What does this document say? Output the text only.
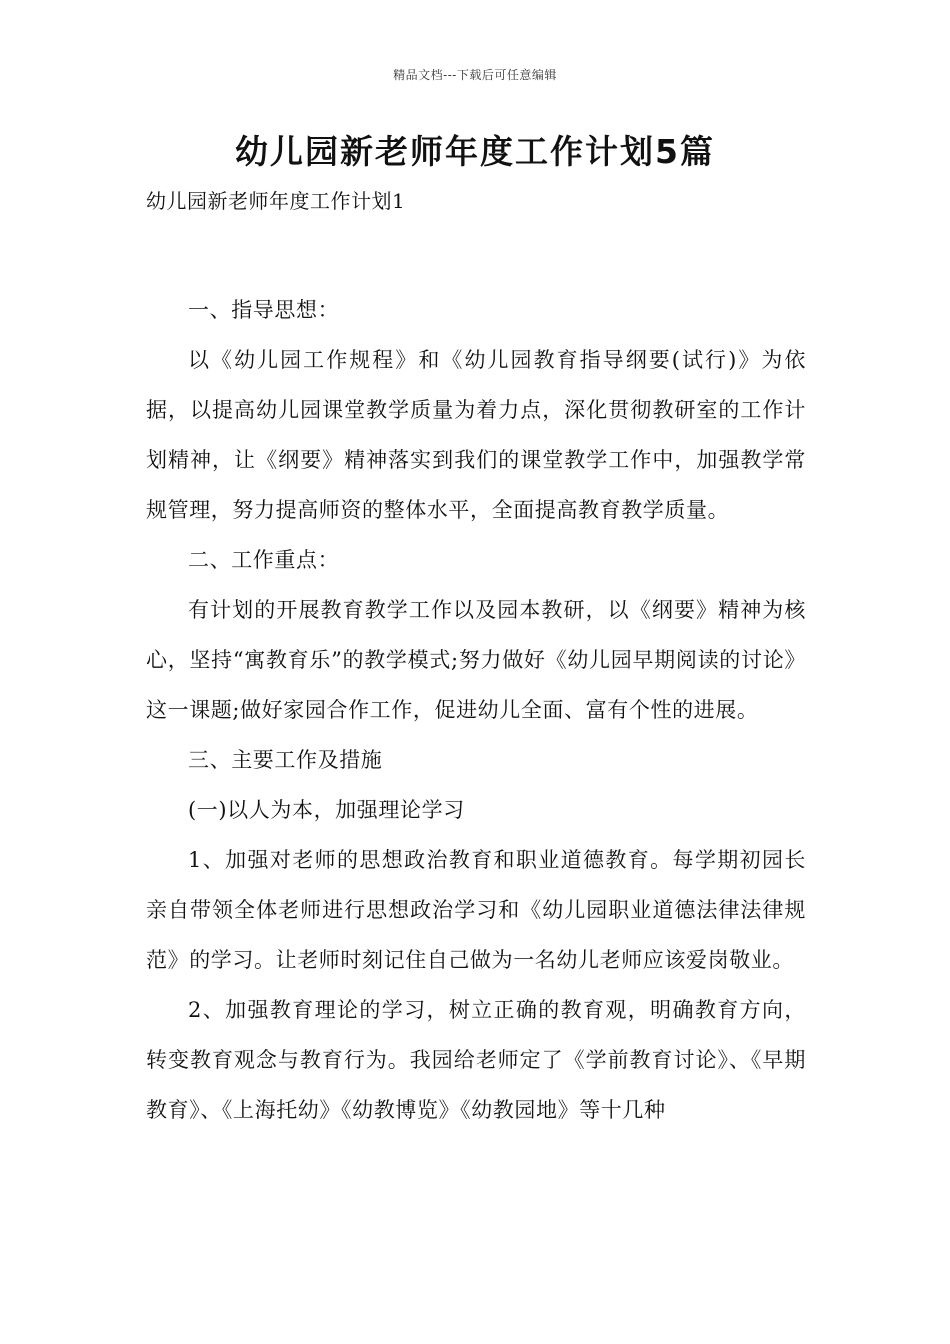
精品文档---下载后可任意编辑
幼儿园新老师年度工作计划5篇
幼儿园新老师年度工作计划1

一、指导思想：

以《幼儿园工作规程》和《幼儿园教育指导纲要(试行)》为依据，以提高幼儿园课堂教学质量为着力点，深化贯彻教研室的工作计划精神，让《纲要》精神落实到我们的课堂教学工作中，加强教学常规管理，努力提高师资的整体水平，全面提高教育教学质量。

二、工作重点：

有计划的开展教育教学工作以及园本教研，以《纲要》精神为核心，坚持“寓教育乐”的教学模式;努力做好《幼儿园早期阅读的讨论》这一课题;做好家园合作工作，促进幼儿全面、富有个性的进展。

三、主要工作及措施

(一)以人为本，加强理论学习

1、加强对老师的思想政治教育和职业道德教育。每学期初园长亲自带领全体老师进行思想政治学习和《幼儿园职业道德法律法律规范》的学习。让老师时刻记住自己做为一名幼儿老师应该爱岗敬业。

2、加强教育理论的学习，树立正确的教育观，明确教育方向，转变教育观念与教育行为。我园给老师定了《学前教育讨论》、《早期教育》、《上海托幼》《幼教博览》《幼教园地》等十几种
